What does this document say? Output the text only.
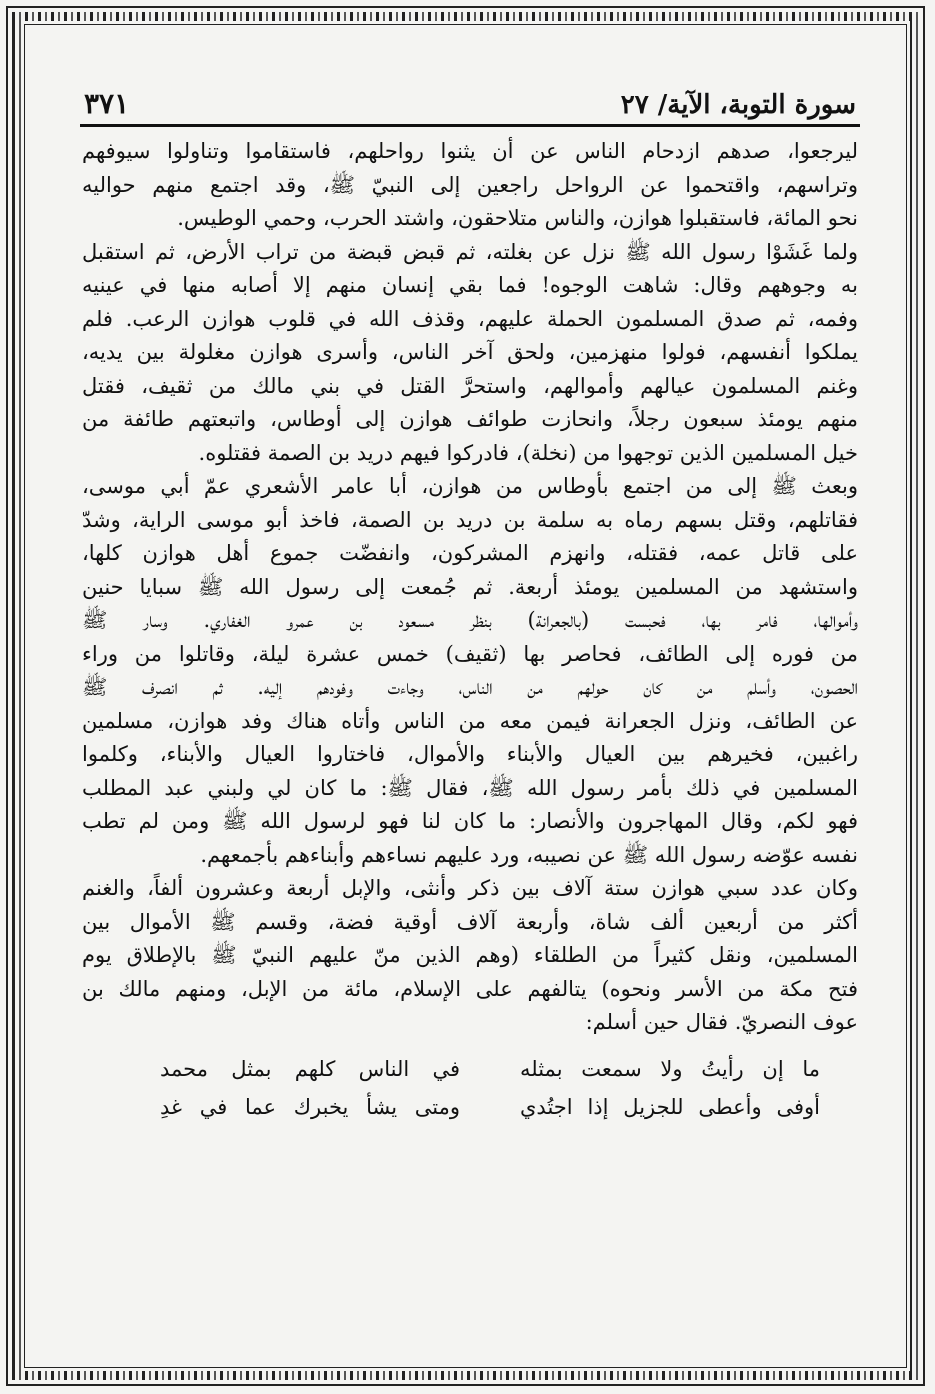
سورة التوبة، الآية/ ٢٧
٣٧١
ليرجعوا، صدهم ازدحام الناس عن أن يثنوا رواحلهم، فاستقاموا وتناولوا سيوفهم
وتراسهم، واقتحموا عن الرواحل راجعين إلى النبيّ ﷺ، وقد اجتمع منهم حواليه
نحو المائة، فاستقبلوا هوازن، والناس متلاحقون، واشتد الحرب، وحمي الوطيس.
ولما غَشَوْا رسول الله ﷺ نزل عن بغلته، ثم قبض قبضة من تراب الأرض، ثم استقبل
به وجوههم وقال: شاهت الوجوه! فما بقي إنسان منهم إلا أصابه منها في عينيه
وفمه، ثم صدق المسلمون الحملة عليهم، وقذف الله في قلوب هوازن الرعب. فلم
يملكوا أنفسهم، فولوا منهزمين، ولحق آخر الناس، وأسرى هوازن مغلولة بين يديه،
وغنم المسلمون عيالهم وأموالهم، واستحرَّ القتل في بني مالك من ثقيف، فقتل
منهم يومئذ سبعون رجلاً، وانحازت طوائف هوازن إلى أوطاس، واتبعتهم طائفة من
خيل المسلمين الذين توجهوا من (نخلة)، فادركوا فيهم دريد بن الصمة فقتلوه.
وبعث ﷺ إلى من اجتمع بأوطاس من هوازن، أبا عامر الأشعري عمّ أبي موسى،
فقاتلهم، وقتل بسهم رماه به سلمة بن دريد بن الصمة، فاخذ أبو موسى الراية، وشدّ
على قاتل عمه، فقتله، وانهزم المشركون، وانفضّت جموع أهل هوازن كلها،
واستشهد من المسلمين يومئذ أربعة. ثم جُمعت إلى رسول الله ﷺ سبايا حنين
وأموالها، فامر بها، فحبست (بالجعرانة) بنظر مسعود بن عمرو الغفاري. وسار ﷺ
من فوره إلى الطائف، فحاصر بها (ثقيف) خمس عشرة ليلة، وقاتلوا من وراء
الحصون، وأسلم من كان حولهم من الناس، وجاءت وفودهم إليه. ثم انصرف ﷺ
عن الطائف، ونزل الجعرانة فيمن معه من الناس وأتاه هناك وفد هوازن، مسلمين
راغبين، فخيرهم بين العيال والأبناء والأموال، فاختاروا العيال والأبناء، وكلموا
المسلمين في ذلك بأمر رسول الله ﷺ، فقال ﷺ: ما كان لي ولبني عبد المطلب
فهو لكم، وقال المهاجرون والأنصار: ما كان لنا فهو لرسول الله ﷺ ومن لم تطب
نفسه عوّضه رسول الله ﷺ عن نصيبه، ورد عليهم نساءهم وأبناءهم بأجمعهم.
وكان عدد سبي هوازن ستة آلاف بين ذكر وأنثى، والإبل أربعة وعشرون ألفاً، والغنم
أكثر من أربعين ألف شاة، وأربعة آلاف أوقية فضة، وقسم ﷺ الأموال بين
المسلمين، ونقل كثيراً من الطلقاء (وهم الذين منّ عليهم النبيّ ﷺ بالإطلاق يوم
فتح مكة من الأسر ونحوه) يتالفهم على الإسلام، مائة من الإبل، ومنهم مالك بن
عوف النصريّ. فقال حين أسلم:
ما إن رأيتُ ولا سمعت بمثله
في الناس كلهم بمثل محمد
أوفى وأعطى للجزيل إذا اجتُدي
ومتى يشأ يخبرك عما في غدِ
